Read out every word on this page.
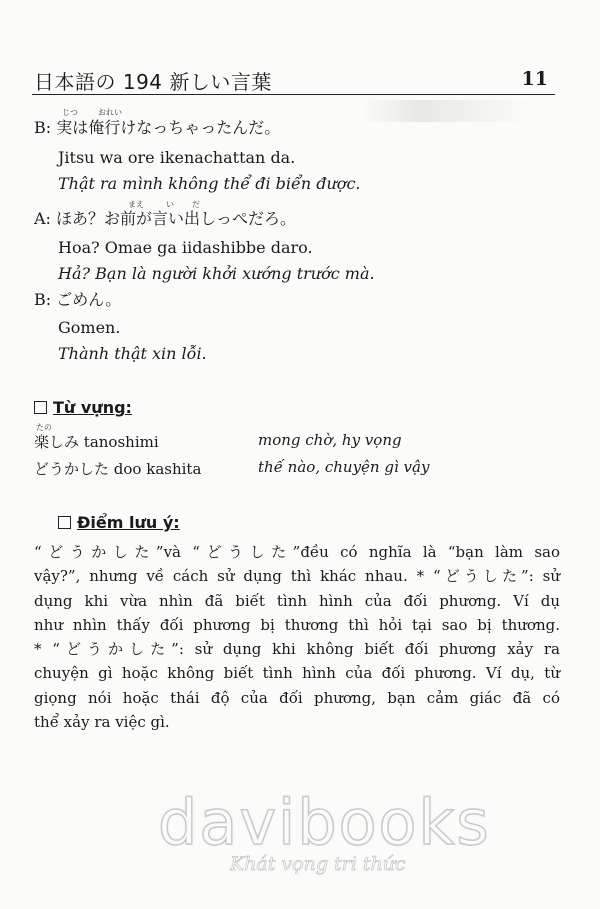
日本語の 194 新しい言葉	11
じつ	おれい
B: 実は俺行けなっちゃったんだ。
Jitsu wa ore ikenachattan da.
Thật ra mình không thể đi biển được.
まえ	い だ
A: ほあ？お前が言い出しっぺだろ。
Hoa? Omae ga iidashibbe daro.
Hả? Bạn là người khởi xướng trước mà.
B: ごめん。
Gomen.
Thành thật xin lỗi.
Từ vựng:
たの
楽しみ tanoshimi	mong chờ, hy vọng
どうかした doo kashita	thế nào, chuyện gì vậy
Điểm lưu ý:
“どうかした”và “どうした”đều có nghĩa là “bạn làm sao
vậy?”, nhưng về cách sử dụng thì khác nhau. * “どうした”: sử
dụng khi vừa nhìn đã biết tình hình của đối phương. Ví dụ
như nhìn thấy đối phương bị thương thì hỏi tại sao bị thương.
* “どうかした”: sử dụng khi không biết đối phương xảy ra
chuyện gì hoặc không biết tình hình của đối phương. Ví dụ, từ
giọng nói hoặc thái độ của đối phương, bạn cảm giác đã có
thể xảy ra việc gì.
davibooks
Khát vọng tri thức
